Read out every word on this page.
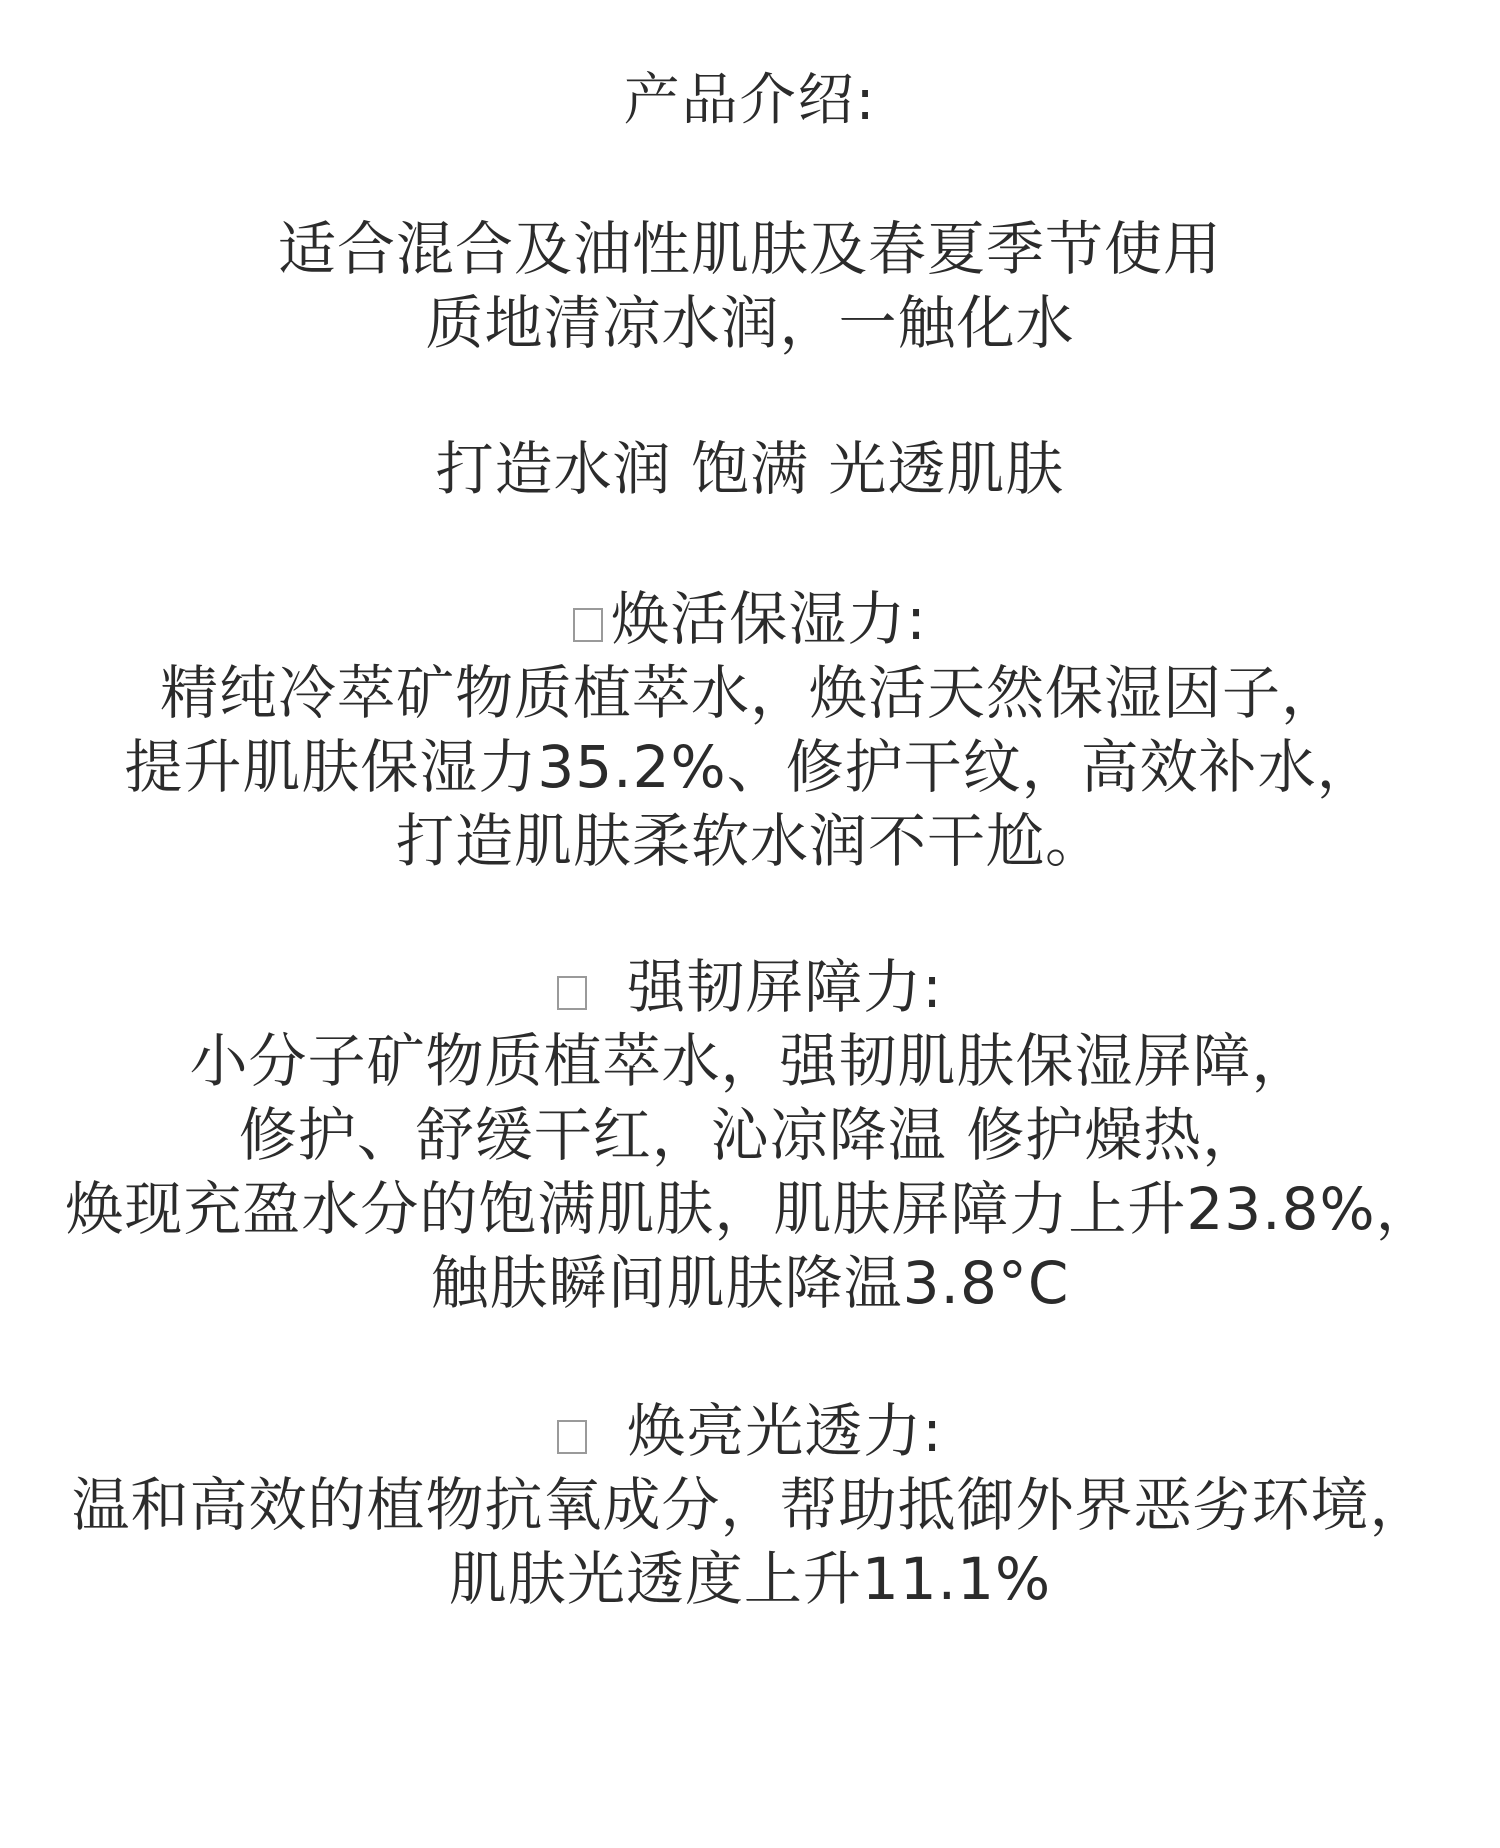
产品介绍:
适合混合及油性肌肤及春夏季节使用
质地清凉水润，一触化水
打造水润 饱满 光透肌肤
焕活保湿力:
精纯冷萃矿物质植萃水，焕活天然保湿因子，
提升肌肤保湿力35.2%、修护干纹，高效补水，
打造肌肤柔软水润不干尬。
强韧屏障力:
小分子矿物质植萃水，强韧肌肤保湿屏障，
修护、舒缓干红，沁凉降温 修护燥热，
焕现充盈水分的饱满肌肤，肌肤屏障力上升23.8%，
触肤瞬间肌肤降温3.8°C
焕亮光透力:
温和高效的植物抗氧成分，帮助抵御外界恶劣环境，
肌肤光透度上升11.1%
